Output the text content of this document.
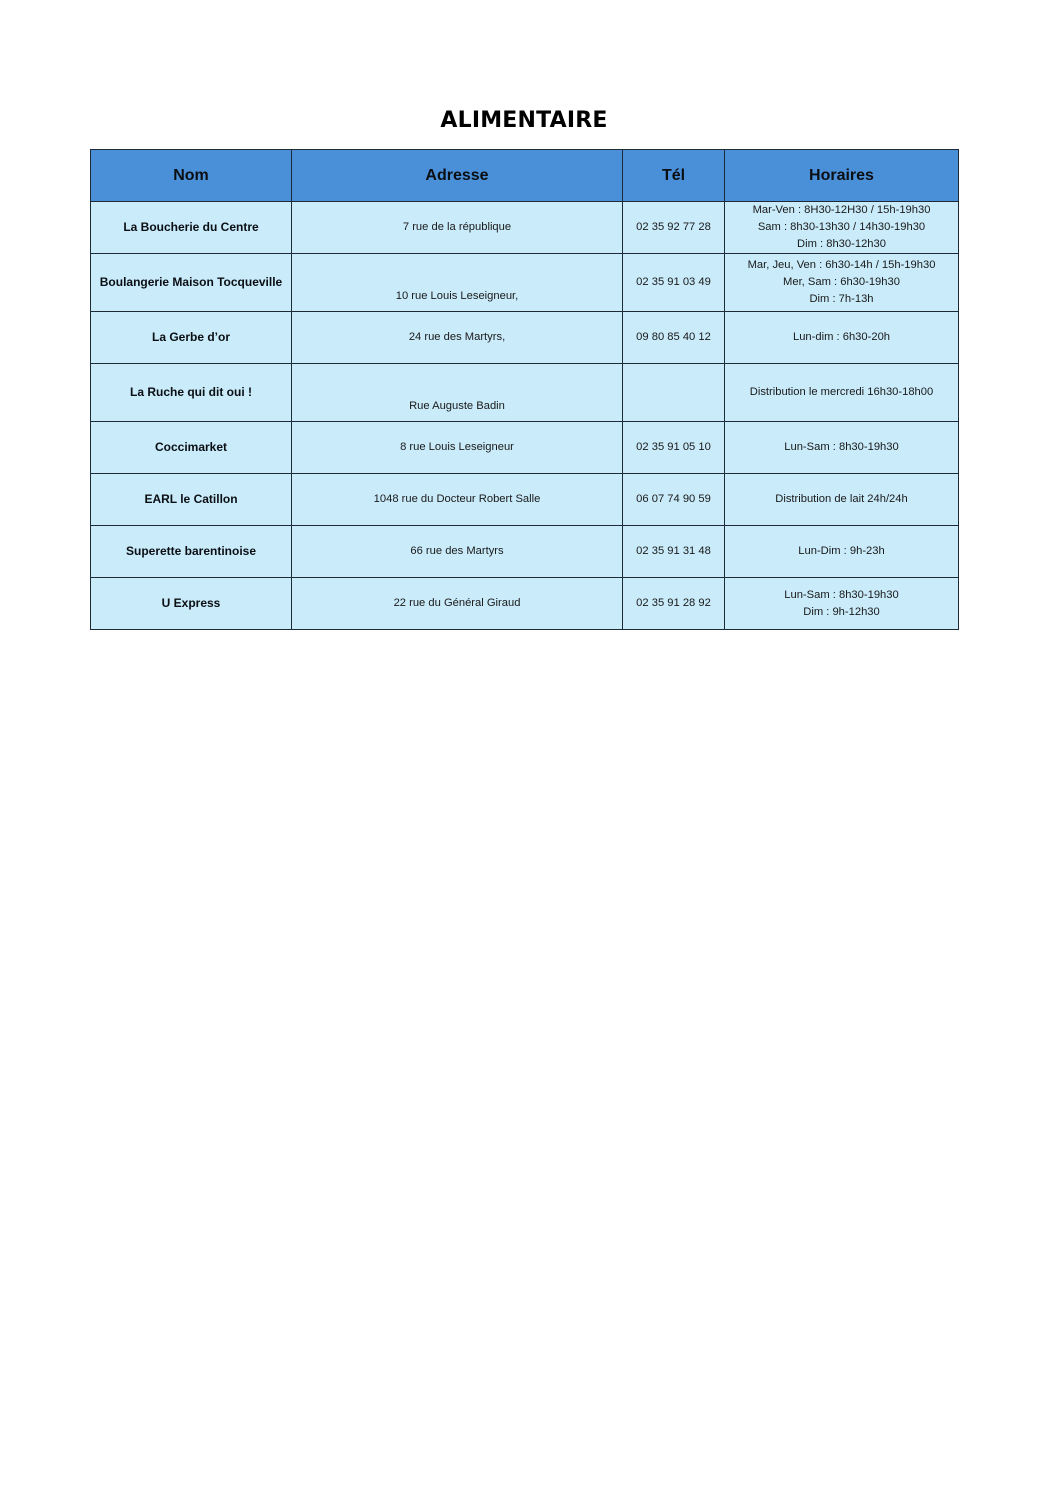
ALIMENTAIRE
Nom	Adresse	Tél	Horaires
La Boucherie du Centre	7 rue de la république	02 35 92 77 28	Mar-Ven : 8H30-12H30 / 15h-19h30
Sam : 8h30-13h30 / 14h30-19h30
Dim : 8h30-12h30

Boulangerie Maison Tocqueville	10 rue Louis Leseigneur,	02 35 91 03 49	Mar, Jeu, Ven : 6h30-14h / 15h-19h30
Mer, Sam : 6h30-19h30
Dim : 7h-13h

La Gerbe d’or	24 rue des Martyrs,	09 80 85 40 12	Lun-dim : 6h30-20h
La Ruche qui dit oui !	Rue Auguste Badin		Distribution le mercredi 16h30-18h00
Coccimarket	8 rue Louis Leseigneur	02 35 91 05 10	Lun-Sam : 8h30-19h30
EARL le Catillon	1048 rue du Docteur Robert Salle	06 07 74 90 59	Distribution de lait 24h/24h
Superette barentinoise	66 rue des Martyrs	02 35 91 31 48	Lun-Dim : 9h-23h
U Express	22 rue du Général Giraud	02 35 91 28 92	Lun-Sam : 8h30-19h30
Dim : 9h-12h30
